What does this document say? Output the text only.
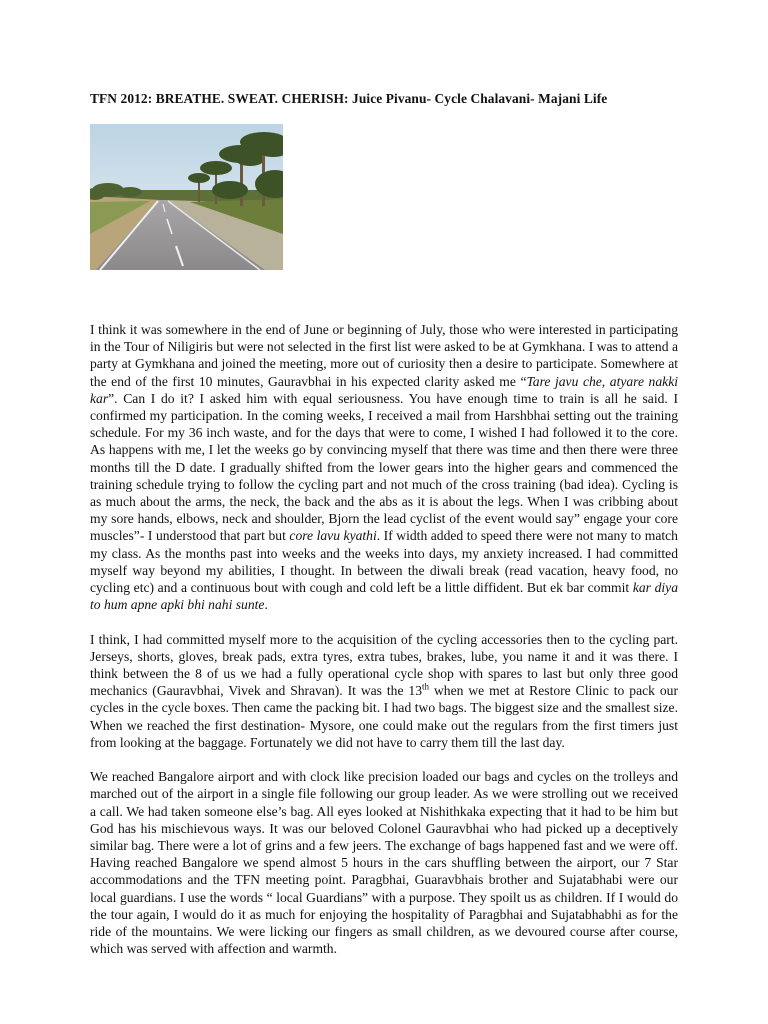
TFN 2012: BREATHE. SWEAT. CHERISH: Juice Pivanu- Cycle Chalavani- Majani Life

I think it was somewhere in the end of June or beginning of July, those who were interested in participating in the Tour of Niligiris but were not selected in the first list were asked to be at Gymkhana. I was to attend a party at Gymkhana and joined the meeting, more out of curiosity then a desire to participate. Somewhere at the end of the first 10 minutes, Gauravbhai in his expected clarity asked me “Tare javu che, atyare nakki kar”. Can I do it? I asked him with equal seriousness. You have enough time to train is all he said. I confirmed my participation. In the coming weeks, I received a mail from Harshbhai setting out the training schedule. For my 36 inch waste, and for the days that were to come, I wished I had followed it to the core. As happens with me, I let the weeks go by convincing myself that there was time and then there were three months till the D date. I gradually shifted from the lower gears into the higher gears and commenced the training schedule trying to follow the cycling part and not much of the cross training (bad idea). Cycling is as much about the arms, the neck, the back and the abs as it is about the legs. When I was cribbing about my sore hands, elbows, neck and shoulder, Bjorn the lead cyclist of the event would say” engage your core muscles”- I understood that part but core lavu kyathi. If width added to speed there were not many to match my class. As the months past into weeks and the weeks into days, my anxiety increased. I had committed myself way beyond my abilities, I thought. In between the diwali break (read vacation, heavy food, no cycling etc) and a continuous bout with cough and cold left be a little diffident. But ek bar commit kar diya to hum apne apki bhi nahi sunte.

I think, I had committed myself more to the acquisition of the cycling accessories then to the cycling part. Jerseys, shorts, gloves, break pads, extra tyres, extra tubes, brakes, lube, you name it and it was there. I think between the 8 of us we had a fully operational cycle shop with spares to last but only three good mechanics (Gauravbhai, Vivek and Shravan). It was the 13th when we met at Restore Clinic to pack our cycles in the cycle boxes. Then came the packing bit. I had two bags. The biggest size and the smallest size. When we reached the first destination- Mysore, one could make out the regulars from the first timers just from looking at the baggage. Fortunately we did not have to carry them till the last day.

We reached Bangalore airport and with clock like precision loaded our bags and cycles on the trolleys and marched out of the airport in a single file following our group leader. As we were strolling out we received a call. We had taken someone else’s bag. All eyes looked at Nishithkaka expecting that it had to be him but God has his mischievous ways. It was our beloved Colonel Gauravbhai who had picked up a deceptively similar bag. There were a lot of grins and a few jeers. The exchange of bags happened fast and we were off. Having reached Bangalore we spend almost 5 hours in the cars shuffling between the airport, our 7 Star accommodations and the TFN meeting point. Paragbhai, Guaravbhais brother and Sujatabhabi were our local guardians. I use the words “ local Guardians” with a purpose. They spoilt us as children. If I would do the tour again, I would do it as much for enjoying the hospitality of Paragbhai and Sujatabhabhi as for the ride of the mountains. We were licking our fingers as small children, as we devoured course after course, which was served with affection and warmth.
